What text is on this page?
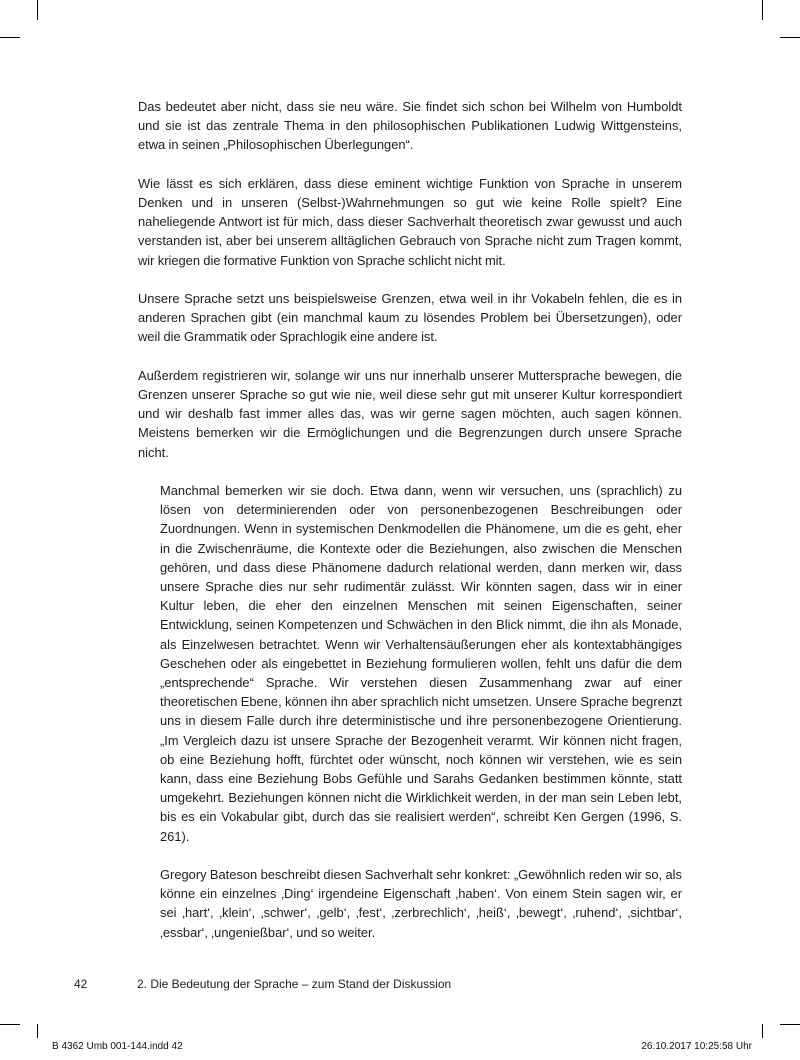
Das bedeutet aber nicht, dass sie neu wäre. Sie findet sich schon bei Wilhelm von Humboldt und sie ist das zentrale Thema in den philosophischen Publikationen Ludwig Wittgensteins, etwa in seinen „Philosophischen Überlegungen“.

Wie lässt es sich erklären, dass diese eminent wichtige Funktion von Sprache in unserem Denken und in unseren (Selbst-)Wahrnehmungen so gut wie keine Rolle spielt? Eine naheliegende Antwort ist für mich, dass dieser Sachverhalt theoretisch zwar gewusst und auch verstanden ist, aber bei unserem alltäglichen Gebrauch von Sprache nicht zum Tragen kommt, wir kriegen die formative Funktion von Sprache schlicht nicht mit.

Unsere Sprache setzt uns beispielsweise Grenzen, etwa weil in ihr Vokabeln fehlen, die es in anderen Sprachen gibt (ein manchmal kaum zu lösendes Problem bei Übersetzungen), oder weil die Grammatik oder Sprachlogik eine andere ist.

Außerdem registrieren wir, solange wir uns nur innerhalb unserer Muttersprache bewegen, die Grenzen unserer Sprache so gut wie nie, weil diese sehr gut mit unserer Kultur korrespondiert und wir deshalb fast immer alles das, was wir gerne sagen möchten, auch sagen können. Meistens bemerken wir die Ermöglichungen und die Begrenzungen durch unsere Sprache nicht.

Manchmal bemerken wir sie doch. Etwa dann, wenn wir versuchen, uns (sprachlich) zu lösen von determinierenden oder von personenbezogenen Beschreibungen oder Zuordnungen. Wenn in systemischen Denkmodellen die Phänomene, um die es geht, eher in die Zwischenräume, die Kontexte oder die Beziehungen, also zwischen die Menschen gehören, und dass diese Phänomene dadurch relational werden, dann merken wir, dass unsere Sprache dies nur sehr rudimentär zulässt. Wir könnten sagen, dass wir in einer Kultur leben, die eher den einzelnen Menschen mit seinen Eigenschaften, seiner Entwicklung, seinen Kompetenzen und Schwächen in den Blick nimmt, die ihn als Monade, als Einzelwesen betrachtet. Wenn wir Verhaltensäußerungen eher als kontextabhängiges Geschehen oder als eingebettet in Beziehung formulieren wollen, fehlt uns dafür die dem „entsprechende“ Sprache. Wir verstehen diesen Zusammenhang zwar auf einer theoretischen Ebene, können ihn aber sprachlich nicht umsetzen. Unsere Sprache begrenzt uns in diesem Falle durch ihre deterministische und ihre personenbezogene Orientierung. „Im Vergleich dazu ist unsere Sprache der Bezogenheit verarmt. Wir können nicht fragen, ob eine Beziehung hofft, fürchtet oder wünscht, noch können wir verstehen, wie es sein kann, dass eine Beziehung Bobs Gefühle und Sarahs Gedanken bestimmen könnte, statt umgekehrt. Beziehungen können nicht die Wirklichkeit werden, in der man sein Leben lebt, bis es ein Vokabular gibt, durch das sie realisiert werden“, schreibt Ken Gergen (1996, S. 261).

Gregory Bateson beschreibt diesen Sachverhalt sehr konkret: „Gewöhnlich reden wir so, als könne ein einzelnes ‚Ding‘ irgendeine Eigenschaft ‚haben‘. Von einem Stein sagen wir, er sei ‚hart‘, ‚klein‘, ‚schwer‘, ‚gelb‘, ‚fest‘, ‚zerbrechlich‘, ‚heiß‘, ‚bewegt‘, ‚ruhend‘, ‚sichtbar‘, ‚essbar‘, ‚ungenießbar‘, und so weiter.

42	2. Die Bedeutung der Sprache – zum Stand der Diskussion
B 4362 Umb 001-144.indd 42	26.10.2017 10:25:58 Uhr
